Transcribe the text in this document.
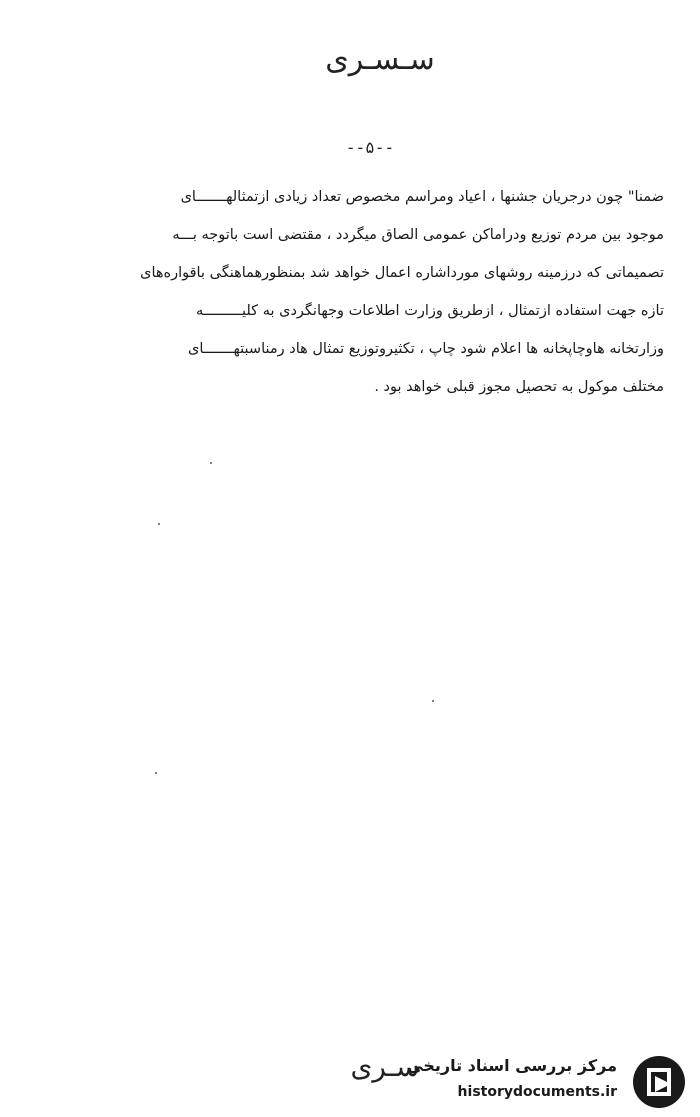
سـسـرى
--۵--
ضمنا" چون درجریان جشنها ، اعیاد ومراسم مخصوص تعداد زیادی ازتمثالهـــــــای
موجود بین مردم توزیع ودراماکن عمومی الصاق میگردد ، مقتضی است باتوجه بـــه
تصمیماتی که درزمینه روشهای مورداشاره اعمال خواهد شد بمنظورهماهنگی باقواره‌های
تازه جهت استفاده ازتمثال ، ازطریق وزارت اطلاعات وجهانگردی به کلیـــــــــه
وزارتخانه هاوچاپخانه ها اعلام شود چاپ ، تکثیروتوزیع تمثال هاد رمناسبتهـــــــای
مختلف موکول به تحصیل مجوز قبلی خواهد بود .
سـرى
مرکز بررسی اسناد تاریخی
historydocuments.ir
